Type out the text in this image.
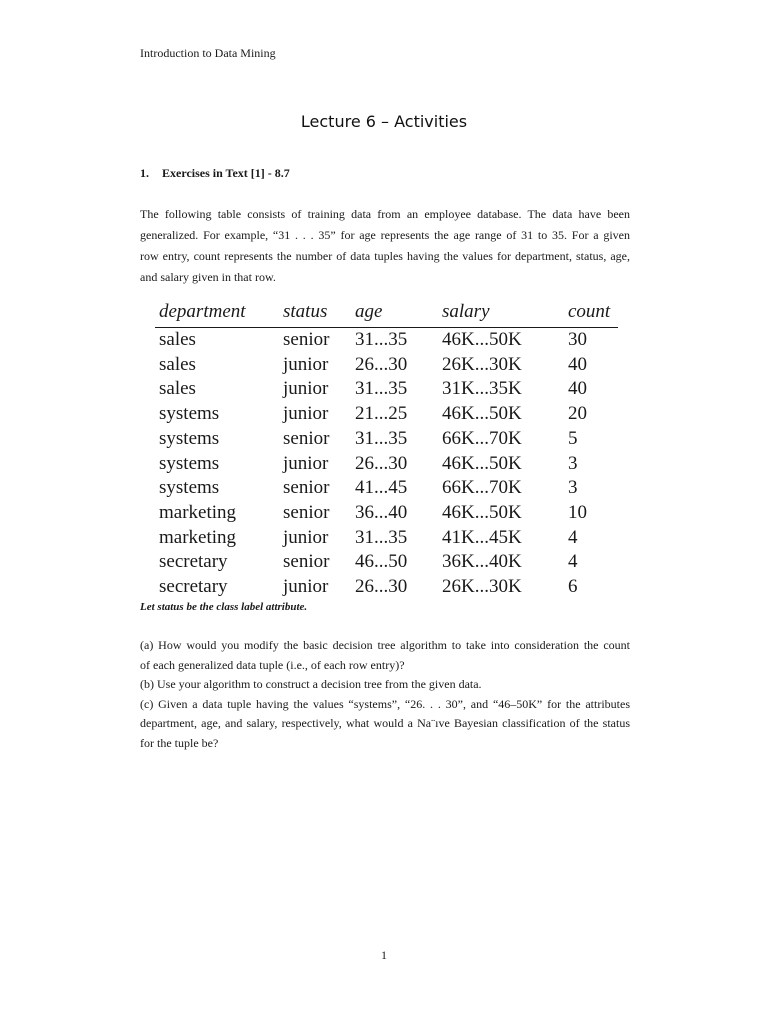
Introduction to Data Mining
Lecture 6 – Activities
1. Exercises in Text [1] - 8.7
The following table consists of training data from an employee database. The data have been
generalized. For example, “31 . . . 35” for age represents the age range of 31 to 35. For a given
row entry, count represents the number of data tuples having the values for department, status, age,
and salary given in that row.
department	status	age	salary	count
sales	senior	31...35	46K...50K	30
sales	junior	26...30	26K...30K	40
sales	junior	31...35	31K...35K	40
systems	junior	21...25	46K...50K	20
systems	senior	31...35	66K...70K	5
systems	junior	26...30	46K...50K	3
systems	senior	41...45	66K...70K	3
marketing	senior	36...40	46K...50K	10
marketing	junior	31...35	41K...45K	4
secretary	senior	46...50	36K...40K	4
secretary	junior	26...30	26K...30K	6
Let status be the class label attribute.
(a) How would you modify the basic decision tree algorithm to take into consideration the count
of each generalized data tuple (i.e., of each row entry)?
(b) Use your algorithm to construct a decision tree from the given data.
(c) Given a data tuple having the values “systems”, “26. . . 30”, and “46–50K” for the attributes
department, age, and salary, respectively, what would a Na¨ıve Bayesian classification of the status
for the tuple be?
1
